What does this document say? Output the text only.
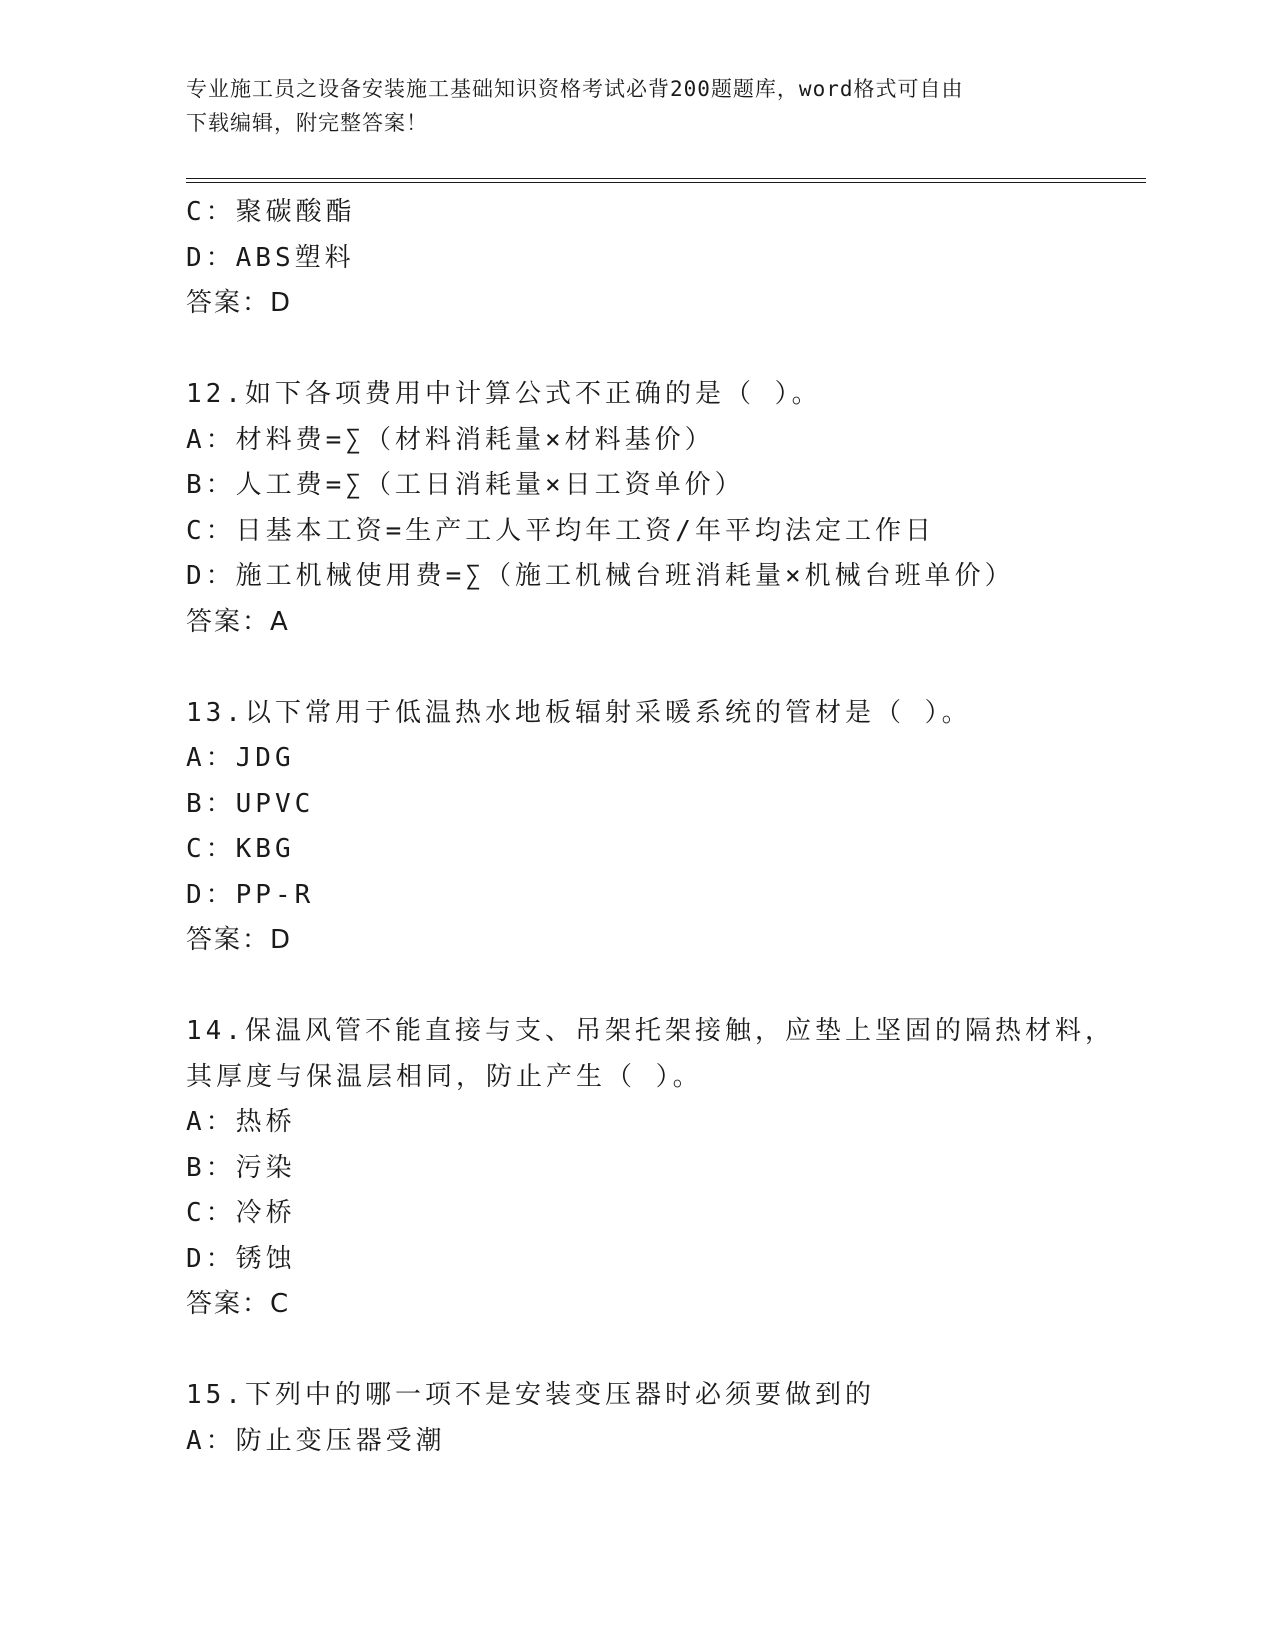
专业施工员之设备安装施工基础知识资格考试必背200题题库，word格式可自由
下载编辑，附完整答案！
C：聚碳酸酯
D：ABS塑料
答案：D
12.如下各项费用中计算公式不正确的是（ ）。
A：材料费=∑（材料消耗量×材料基价）
B：人工费=∑（工日消耗量×日工资单价）
C：日基本工资=生产工人平均年工资/年平均法定工作日
D：施工机械使用费=∑（施工机械台班消耗量×机械台班单价）
答案：A
13.以下常用于低温热水地板辐射采暖系统的管材是（ ）。
A：JDG
B：UPVC
C：KBG
D：PP-R
答案：D
14.保温风管不能直接与支、吊架托架接触，应垫上坚固的隔热材料，
其厚度与保温层相同，防止产生（ ）。
A：热桥
B：污染
C：冷桥
D：锈蚀
答案：C
15.下列中的哪一项不是安装变压器时必须要做到的
A：防止变压器受潮
